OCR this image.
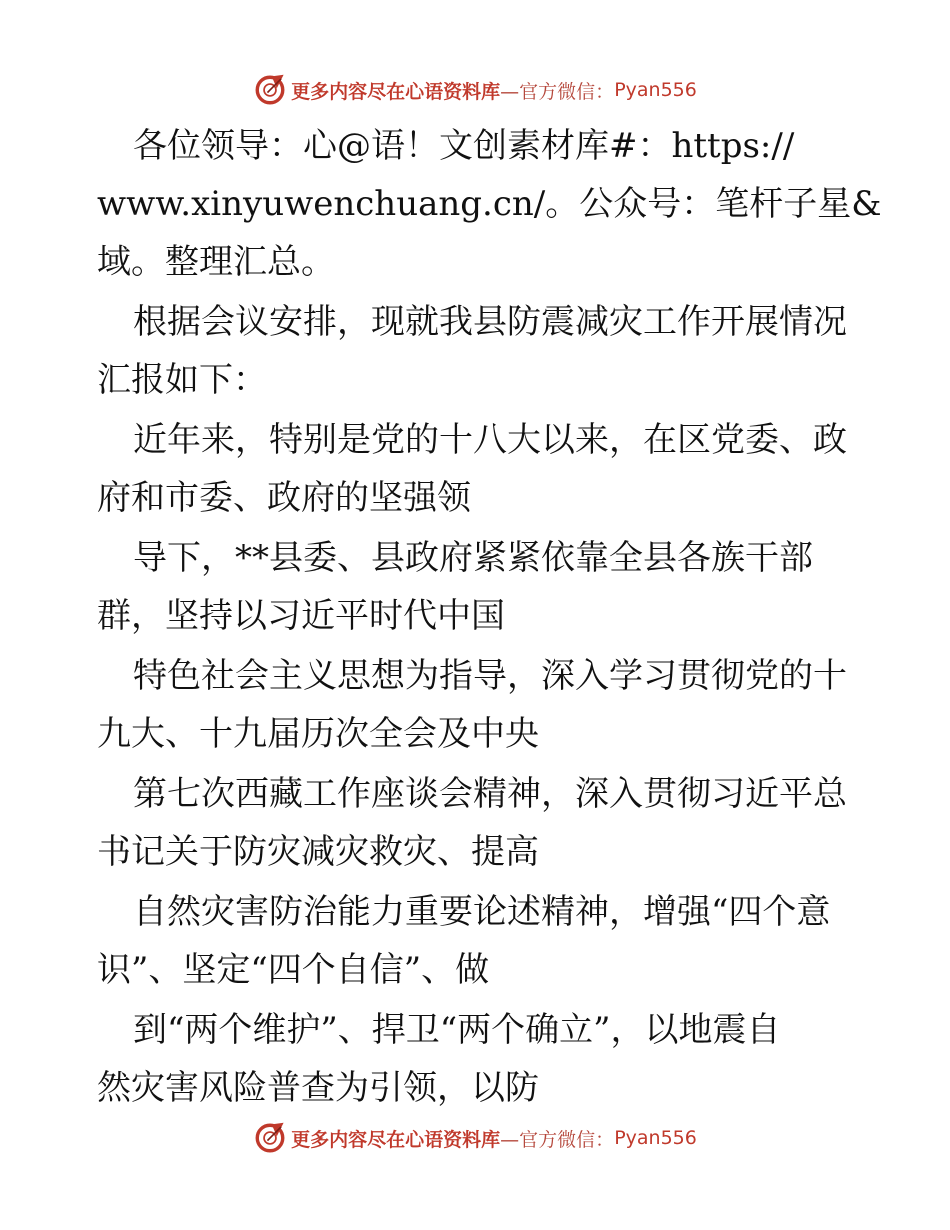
更多内容尽在心语资料库 —官方微信： Pyan556
各位领导：心@语！文创素材库#：https://
www.xinyuwenchuang.cn/。公众号：笔杆子星&
域。整理汇总。
根据会议安排，现就我县防震减灾工作开展情况
汇报如下：
近年来，特别是党的十八大以来，在区党委、政
府和市委、政府的坚强领
导下，**县委、县政府紧紧依靠全县各族干部
群，坚持以习近平时代中国
特色社会主义思想为指导，深入学习贯彻党的十
九大、十九届历次全会及中央
第七次西藏工作座谈会精神，深入贯彻习近平总
书记关于防灾减灾救灾、提高
自然灾害防治能力重要论述精神，增强“四个意
识”、坚定“四个自信”、做
到“两个维护”、捍卫“两个确立”，以地震自
然灾害风险普查为引领，以防
更多内容尽在心语资料库 —官方微信： Pyan556
